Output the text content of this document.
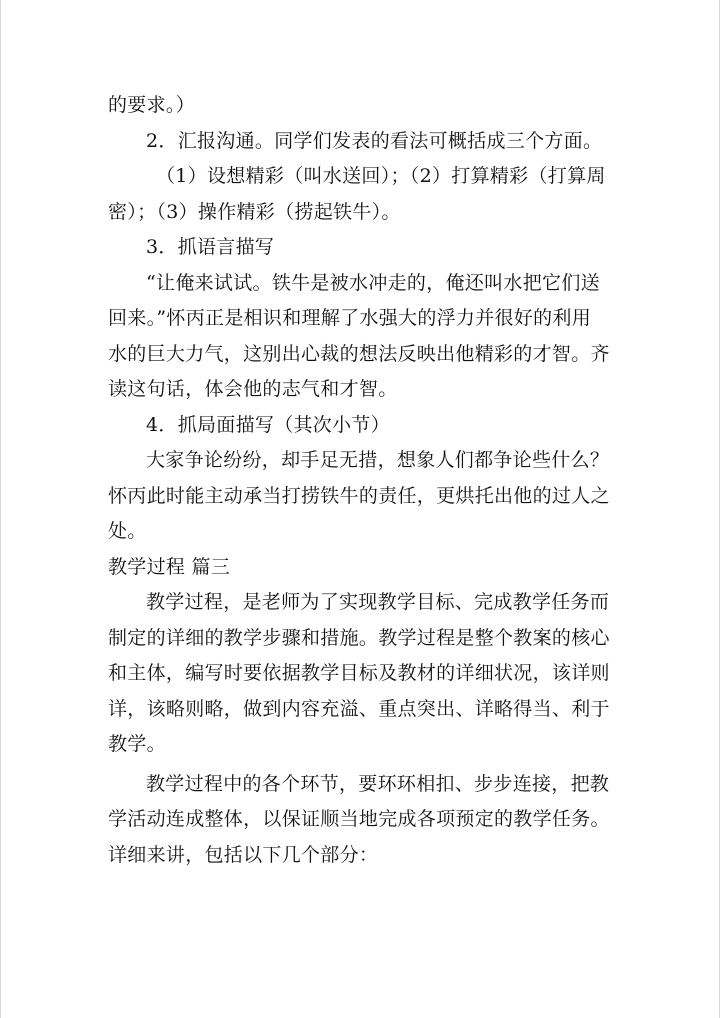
的要求。）
2．汇报沟通。同学们发表的看法可概括成三个方面。
（1）设想精彩（叫水送回）；（2）打算精彩（打算周
密）；（3）操作精彩（捞起铁牛）。
3．抓语言描写
“让俺来试试。铁牛是被水冲走的，俺还叫水把它们送
回来。”怀丙正是相识和理解了水强大的浮力并很好的利用
水的巨大力气，这别出心裁的想法反映出他精彩的才智。齐
读这句话，体会他的志气和才智。
4．抓局面描写（其次小节）
大家争论纷纷，却手足无措，想象人们都争论些什么？
怀丙此时能主动承当打捞铁牛的责任，更烘托出他的过人之
处。
教学过程 篇三
教学过程，是老师为了实现教学目标、完成教学任务而
制定的详细的教学步骤和措施。教学过程是整个教案的核心
和主体，编写时要依据教学目标及教材的详细状况，该详则
详，该略则略，做到内容充溢、重点突出、详略得当、利于
教学。
教学过程中的各个环节，要环环相扣、步步连接，把教
学活动连成整体，以保证顺当地完成各项预定的教学任务。
详细来讲，包括以下几个部分：
